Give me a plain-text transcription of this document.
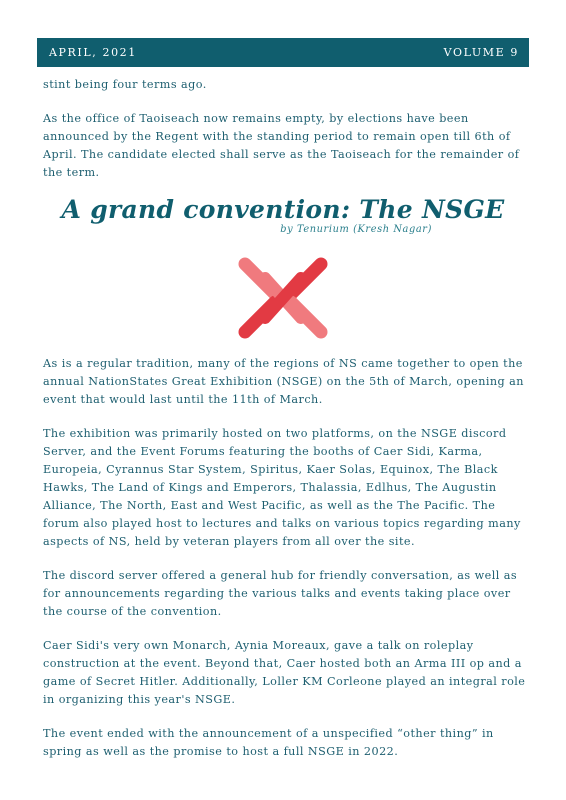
APRIL, 2021	VOLUME 9

stint being four terms ago.

As the office of Taoiseach now remains empty, by elections have been announced by the Regent with the standing period to remain open till 6th of April. The candidate elected shall serve as the Taoiseach for the remainder of the term.

A grand convention: The NSGE
by Tenurium (Kresh Nagar)

As is a regular tradition, many of the regions of NS came together to open the annual NationStates Great Exhibition (NSGE) on the 5th of March, opening an event that would last until the 11th of March.

The exhibition was primarily hosted on two platforms, on the NSGE discord Server, and the Event Forums featuring the booths of Caer Sidi, Karma, Europeia, Cyrannus Star System, Spiritus, Kaer Solas, Equinox, The Black Hawks, The Land of Kings and Emperors, Thalassia, Edlhus, The Augustin Alliance, The North, East and West Pacific, as well as the The Pacific. The forum also played host to lectures and talks on various topics regarding many aspects of NS, held by veteran players from all over the site.

The discord server offered a general hub for friendly conversation, as well as for announcements regarding the various talks and events taking place over the course of the convention.

Caer Sidi's very own Monarch, Aynia Moreaux, gave a talk on roleplay construction at the event. Beyond that, Caer hosted both an Arma III op and a game of Secret Hitler. Additionally, Loller KM Corleone played an integral role in organizing this year's NSGE.

The event ended with the announcement of a unspecified “other thing” in spring as well as the promise to host a full NSGE in 2022.
